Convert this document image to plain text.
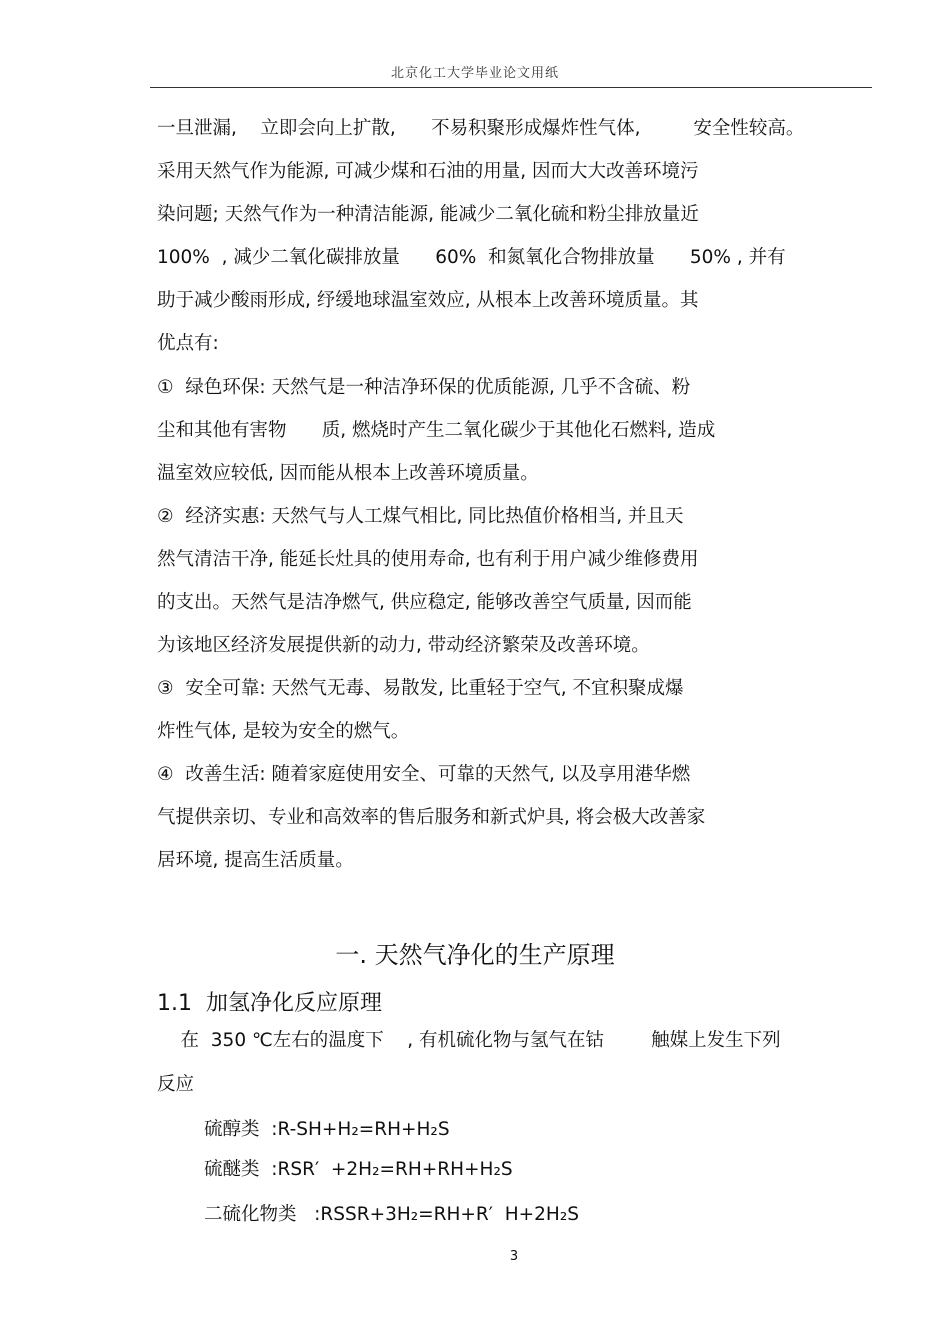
北京化工大学毕业论文用纸
一旦泄漏,    立即会向上扩散,      不易积聚形成爆炸性气体,         安全性较高。
采用天然气作为能源, 可减少煤和石油的用量, 因而大大改善环境污
染问题; 天然气作为一种清洁能源, 能减少二氧化硫和粉尘排放量近
100%  , 减少二氧化碳排放量      60%  和氮氧化合物排放量      50% , 并有
助于减少酸雨形成, 纾缓地球温室效应, 从根本上改善环境质量。其
优点有:
①  绿色环保: 天然气是一种洁净环保的优质能源, 几乎不含硫、粉
尘和其他有害物      质, 燃烧时产生二氧化碳少于其他化石燃料, 造成
温室效应较低, 因而能从根本上改善环境质量。
②  经济实惠: 天然气与人工煤气相比, 同比热值价格相当, 并且天
然气清洁干净, 能延长灶具的使用寿命, 也有利于用户减少维修费用
的支出。天然气是洁净燃气, 供应稳定, 能够改善空气质量, 因而能
为该地区经济发展提供新的动力, 带动经济繁荣及改善环境。
③  安全可靠: 天然气无毒、易散发, 比重轻于空气, 不宜积聚成爆
炸性气体, 是较为安全的燃气。
④  改善生活: 随着家庭使用安全、可靠的天然气, 以及享用港华燃
气提供亲切、专业和高效率的售后服务和新式炉具, 将会极大改善家
居环境, 提高生活质量。
一. 天然气净化的生产原理
1.1  加氢净化反应原理
在  350 ℃左右的温度下    , 有机硫化物与氢气在钴        触媒上发生下列
反应
硫醇类  :R-SH+H₂=RH+H₂S
硫醚类  :RSR′  +2H₂=RH+RH+H₂S
二硫化物类   :RSSR+3H₂=RH+R′  H+2H₂S
3
